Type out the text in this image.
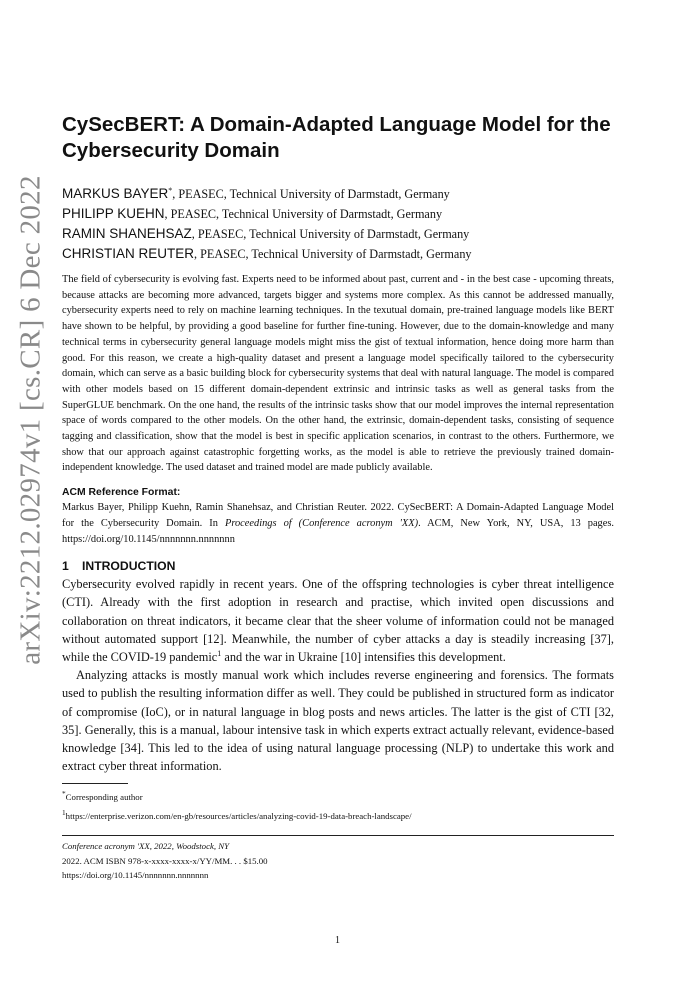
arXiv:2212.02974v1 [cs.CR] 6 Dec 2022
CySecBERT: A Domain-Adapted Language Model for the Cybersecurity Domain
MARKUS BAYER*, PEASEC, Technical University of Darmstadt, Germany
PHILIPP KUEHN, PEASEC, Technical University of Darmstadt, Germany
RAMIN SHANEHSAZ, PEASEC, Technical University of Darmstadt, Germany
CHRISTIAN REUTER, PEASEC, Technical University of Darmstadt, Germany

The field of cybersecurity is evolving fast. Experts need to be informed about past, current and - in the best case - upcoming threats, because attacks are becoming more advanced, targets bigger and systems more complex. As this cannot be addressed manually, cybersecurity experts need to rely on machine learning techniques. In the texutual domain, pre-trained language models like BERT have shown to be helpful, by providing a good baseline for further fine-tuning. However, due to the domain-knowledge and many technical terms in cybersecurity general language models might miss the gist of textual information, hence doing more harm than good. For this reason, we create a high-quality dataset and present a language model specifically tailored to the cybersecurity domain, which can serve as a basic building block for cybersecurity systems that deal with natural language. The model is compared with other models based on 15 different domain-dependent extrinsic and intrinsic tasks as well as general tasks from the SuperGLUE benchmark. On the one hand, the results of the intrinsic tasks show that our model improves the internal representation space of words compared to the other models. On the other hand, the extrinsic, domain-dependent tasks, consisting of sequence tagging and classification, show that the model is best in specific application scenarios, in contrast to the others. Furthermore, we show that our approach against catastrophic forgetting works, as the model is able to retrieve the previously trained domain-independent knowledge. The used dataset and trained model are made publicly available.

ACM Reference Format:
Markus Bayer, Philipp Kuehn, Ramin Shanehsaz, and Christian Reuter. 2022. CySecBERT: A Domain-Adapted Language Model for the Cybersecurity Domain. In Proceedings of (Conference acronym 'XX). ACM, New York, NY, USA, 13 pages. https://doi.org/10.1145/nnnnnnn.nnnnnnn
1 INTRODUCTION

Cybersecurity evolved rapidly in recent years. One of the offspring technologies is cyber threat intelligence (CTI). Already with the first adoption in research and practise, which invited open discussions and collaboration on threat indicators, it became clear that the sheer volume of information could not be managed without automated support [12]. Meanwhile, the number of cyber attacks a day is steadily increasing [37], while the COVID-19 pandemic$^1$ and the war in Ukraine [10] intensifies this development.

Analyzing attacks is mostly manual work which includes reverse engineering and forensics. The formats used to publish the resulting information differ as well. They could be published in structured form as indicator of compromise (IoC), or in natural language in blog posts and news articles. The latter is the gist of CTI [32, 35]. Generally, this is a manual, labour intensive task in which experts extract actually relevant, evidence-based knowledge [34]. This led to the idea of using natural language processing (NLP) to undertake this work and extract cyber threat information.

*Corresponding author
$^1$https://enterprise.verizon.com/en-gb/resources/articles/analyzing-covid-19-data-breach-landscape/
Conference acronym 'XX, 2022, Woodstock, NY
2022. ACM ISBN 978-x-xxxx-xxxx-x/YY/MM. . . $15.00
https://doi.org/10.1145/nnnnnnn.nnnnnnn
1
